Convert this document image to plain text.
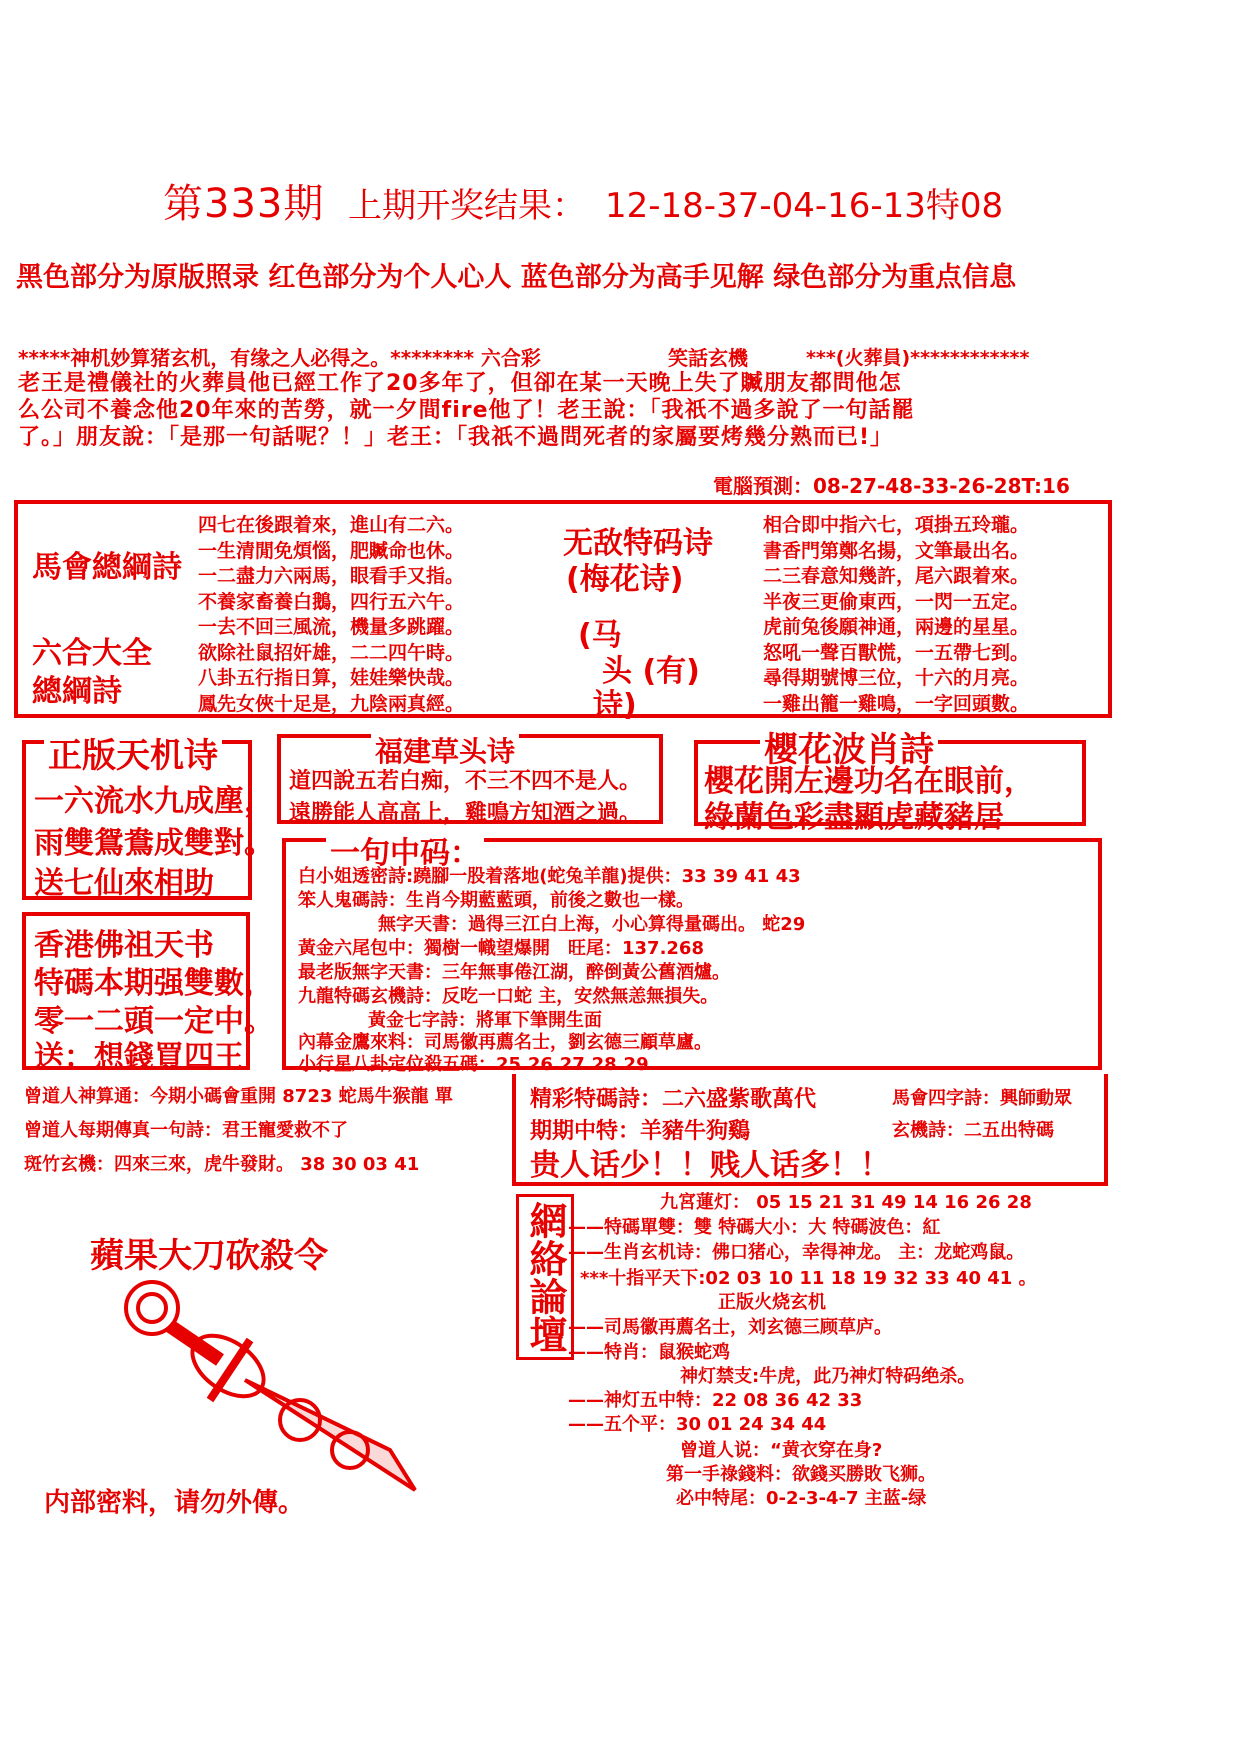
第333期 上期开奖结果： 12-18-37-04-16-13特08
黑色部分为原版照录 红色部分为个人心人 蓝色部分为高手见解 绿色部分为重点信息
*****神机妙算猪玄机，有缘之人必得之。******** 六合彩	笑話玄機	***(火葬員)************
老王是禮儀社的火葬員他已經工作了20多年了，但卻在某一天晚上失了贓朋友都問他怎
么公司不養念他20年來的苦勞，就一夕間fire他了！老王說：「我祇不過多說了一句話罷
了。」朋友說：「是那一句話呢？！」老王：「我祇不過問死者的家屬要烤幾分熟而已!」
電腦預測：08-27-48-33-26-28T:16
馬會總綱詩
六合大全
總綱詩
四七在後跟着來，進山有二六。
一生清閒免煩惱，肥贓命也休。
一二盡力六兩馬，眼看手又指。
不養家畜養白鵝，四行五六午。
一去不回三風流，機量多跳躍。
欲除社鼠招奸雄，二二四午時。
八卦五行指日算，娃娃樂快哉。
鳳先女俠十足是，九陰兩真經。
无敌特码诗
(梅花诗)
(马
头 (有)
诗)
相合即中指六七，項掛五玲瓏。
書香門第鄭名揚，文筆最出名。
二三春意知幾許，尾六跟着來。
半夜三更偷東西，一閃一五定。
虎前兔後願神通，兩邊的星星。
怒吼一聲百獸慌，一五帶七到。
尋得期號博三位，十六的月亮。
一雞出籠一雞鳴，一字回頭數。
正版天机诗
一六流水九成塵，
雨雙鴛鴦成雙對。
送七仙來相助
福建草头诗
道四說五若白痴，不三不四不是人。
遠勝能人高高上，雞鳴方知酒之過。
櫻花波肖詩
櫻花開左邊功名在眼前，
綠蘭色彩盡顯虎藏豬居
香港佛祖天书
特碼本期强雙數，
零一二頭一定中。
送：想錢買四王
一句中码：
白小姐透密詩:蹺腳一股着落地(蛇兔羊龍)提供：33 39 41 43
笨人鬼碼詩：生肖今期藍藍頭，前後之數也一樣。
無字天書：過得三江白上海，小心算得量碼出。 蛇29
黃金六尾包中：獨樹一幟望爆開　旺尾：137.268
最老版無字天書：三年無事倦江湖，醉倒黃公舊酒爐。
九龍特碼玄機詩：反吃一口蛇 主，安然無恙無損失。
黃金七字詩：將軍下筆開生面
內幕金鷹來料：司馬徽再薦名士，劉玄德三顧草廬。
小行星八卦定位殺五碼：25.26.27.28.29
曾道人神算通：今期小碼會重開 8723 蛇馬牛猴龍 單
曾道人每期傳真一句詩：君王寵愛救不了
斑竹玄機：四來三來，虎牛發財。 38 30 03 41
精彩特碼詩：二六盛紫歌萬代
期期中特：羊豬牛狗鷄
贵人话少！！贱人话多！！
馬會四字詩：興師動眾
玄機詩：二五出特碼
蘋果大刀砍殺令
内部密料，请勿外傳。
網絡論壇	九宮蓮灯： 05 15 21 31 49 14 16 26 28
——特碼單雙：雙 特碼大小：大 特碼波色：紅
——生肖玄机诗：佛口猪心，幸得神龙。 主：龙蛇鸡鼠。
***十指平天下:02 03 10 11 18 19 32 33 40 41 。
正版火烧玄机
——司馬徽再薦名士，刘玄德三顾草庐。
——特肖：鼠猴蛇鸡
神灯禁支:牛虎，此乃神灯特码绝杀。
——神灯五中特：22 08 36 42 33
——五个平：30 01 24 34 44
曾道人说：“黄衣穿在身?
第一手祿錢料：欲錢买勝敗飞狮。
必中特尾：0-2-3-4-7 主蓝-绿
